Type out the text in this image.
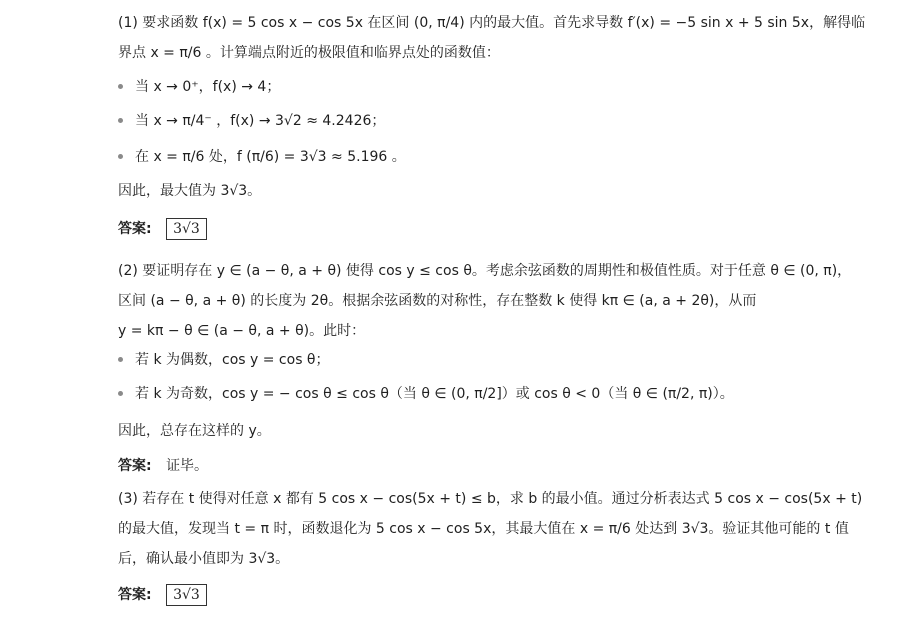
(1) 要求函数 f(x) = 5 cos x − cos 5x 在区间 (0, π/4) 内的最大值。首先求导数 f′(x) = −5 sin x + 5 sin 5x，解得临
界点 x = π/6 。计算端点附近的极限值和临界点处的函数值：
当 x → 0⁺，f(x) → 4；
当 x → π/4⁻ ，f(x) → 3√2 ≈ 4.2426；
在 x = π/6 处，f (π/6) = 3√3 ≈ 5.196 。
因此，最大值为 3√3。
答案: 3√3
(2) 要证明存在 y ∈ (a − θ, a + θ) 使得 cos y ≤ cos θ。考虑余弦函数的周期性和极值性质。对于任意 θ ∈ (0, π)，
区间 (a − θ, a + θ) 的长度为 2θ。根据余弦函数的对称性，存在整数 k 使得 kπ ∈ (a, a + 2θ)，从而
y = kπ − θ ∈ (a − θ, a + θ)。此时：
若 k 为偶数，cos y = cos θ；
若 k 为奇数，cos y = − cos θ ≤ cos θ（当 θ ∈ (0, π/2]）或 cos θ < 0（当 θ ∈ (π/2, π)）。
因此，总存在这样的 y。
答案: 证毕。
(3) 若存在 t 使得对任意 x 都有 5 cos x − cos(5x + t) ≤ b，求 b 的最小值。通过分析表达式 5 cos x − cos(5x + t)
的最大值，发现当 t = π 时，函数退化为 5 cos x − cos 5x，其最大值在 x = π/6 处达到 3√3。验证其他可能的 t 值
后，确认最小值即为 3√3。
答案: 3√3
